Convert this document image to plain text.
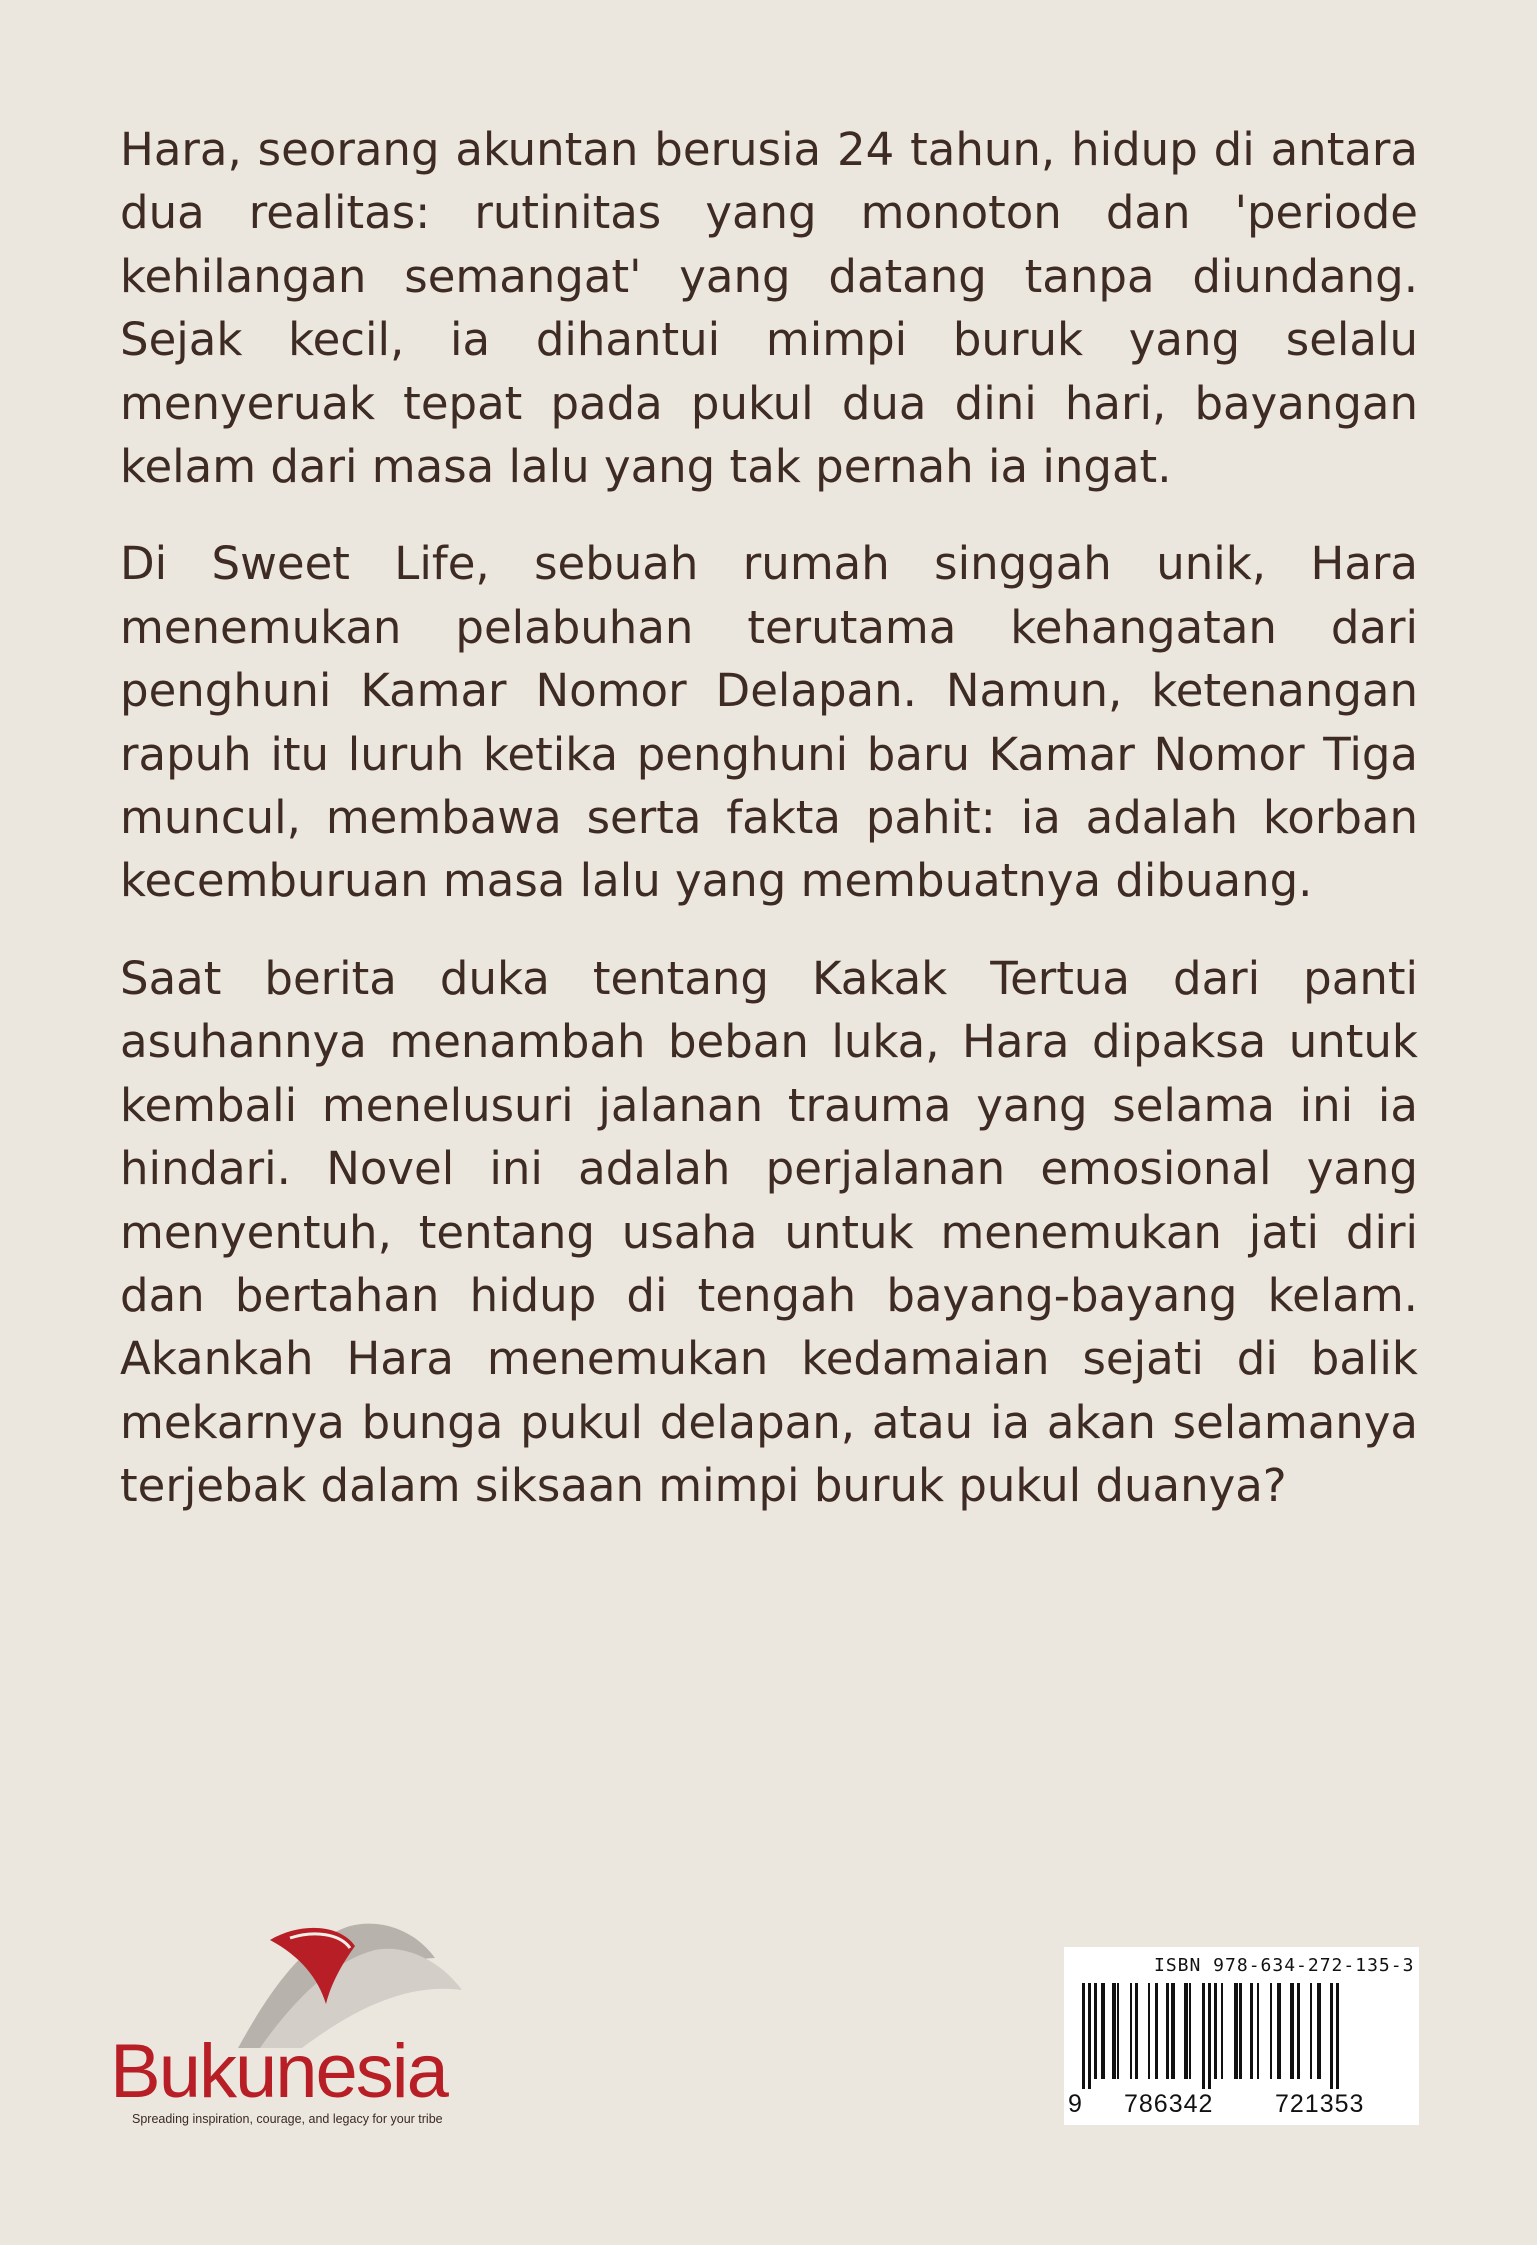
Hara, seorang akuntan berusia 24 tahun, hidup di antara dua realitas: rutinitas yang monoton dan 'periode kehilangan semangat' yang datang tanpa diundang. Sejak kecil, ia dihantui mimpi buruk yang selalu menyeruak tepat pada pukul dua dini hari, bayangan kelam dari masa lalu yang tak pernah ia ingat.

Di Sweet Life, sebuah rumah singgah unik, Hara menemukan pelabuhan terutama kehangatan dari penghuni Kamar Nomor Delapan. Namun, ketenangan rapuh itu luruh ketika penghuni baru Kamar Nomor Tiga muncul, membawa serta fakta pahit: ia adalah korban kecemburuan masa lalu yang membuatnya dibuang.

Saat berita duka tentang Kakak Tertua dari panti asuhannya menambah beban luka, Hara dipaksa untuk kembali menelusuri jalanan trauma yang selama ini ia hindari. Novel ini adalah perjalanan emosional yang menyentuh, tentang usaha untuk menemukan jati diri dan bertahan hidup di tengah bayang-bayang kelam. Akankah Hara menemukan kedamaian sejati di balik mekarnya bunga pukul delapan, atau ia akan selamanya terjebak dalam siksaan mimpi buruk pukul duanya?

Bukunesia
Spreading inspiration, courage, and legacy for your tribe
ISBN 978-634-272-135-3
9 786342 721353
